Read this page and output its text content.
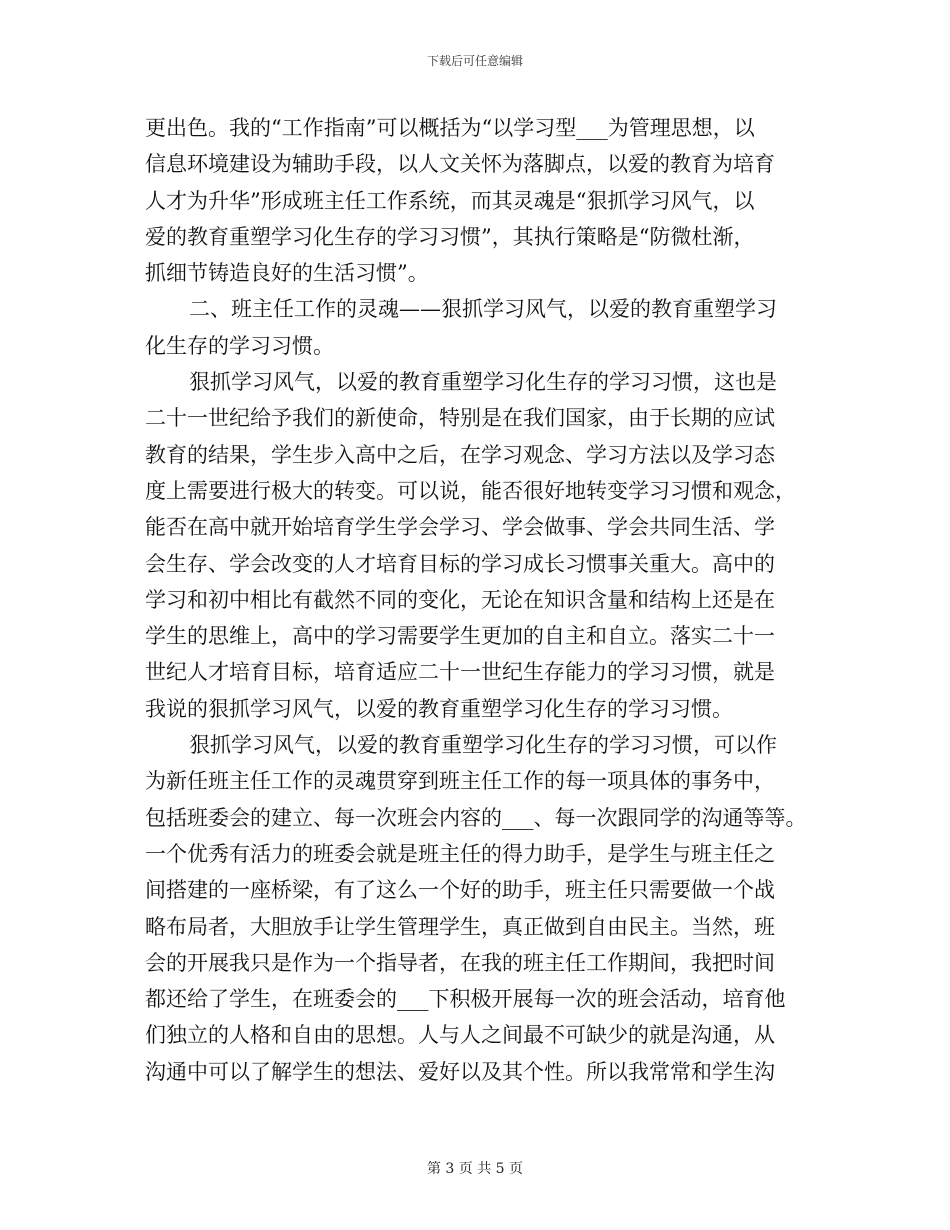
下载后可任意编辑
更出色。我的“工作指南”可以概括为“以学习型___为管理思想，以
信息环境建设为辅助手段，以人文关怀为落脚点，以爱的教育为培育
人才为升华”形成班主任工作系统，而其灵魂是“狠抓学习风气，以
爱的教育重塑学习化生存的学习习惯”，其执行策略是“防微杜渐，
抓细节铸造良好的生活习惯”。
二、班主任工作的灵魂——狠抓学习风气，以爱的教育重塑学习
化生存的学习习惯。
狠抓学习风气，以爱的教育重塑学习化生存的学习习惯，这也是
二十一世纪给予我们的新使命，特别是在我们国家，由于长期的应试
教育的结果，学生步入高中之后，在学习观念、学习方法以及学习态
度上需要进行极大的转变。可以说，能否很好地转变学习习惯和观念，
能否在高中就开始培育学生学会学习、学会做事、学会共同生活、学
会生存、学会改变的人才培育目标的学习成长习惯事关重大。高中的
学习和初中相比有截然不同的变化，无论在知识含量和结构上还是在
学生的思维上，高中的学习需要学生更加的自主和自立。落实二十一
世纪人才培育目标，培育适应二十一世纪生存能力的学习习惯，就是
我说的狠抓学习风气，以爱的教育重塑学习化生存的学习习惯。
狠抓学习风气，以爱的教育重塑学习化生存的学习习惯，可以作
为新任班主任工作的灵魂贯穿到班主任工作的每一项具体的事务中，
包括班委会的建立、每一次班会内容的___、每一次跟同学的沟通等等。
一个优秀有活力的班委会就是班主任的得力助手，是学生与班主任之
间搭建的一座桥梁，有了这么一个好的助手，班主任只需要做一个战
略布局者，大胆放手让学生管理学生，真正做到自由民主。当然，班
会的开展我只是作为一个指导者，在我的班主任工作期间，我把时间
都还给了学生，在班委会的___下积极开展每一次的班会活动，培育他
们独立的人格和自由的思想。人与人之间最不可缺少的就是沟通，从
沟通中可以了解学生的想法、爱好以及其个性。所以我常常和学生沟
第 3 页 共 5 页
